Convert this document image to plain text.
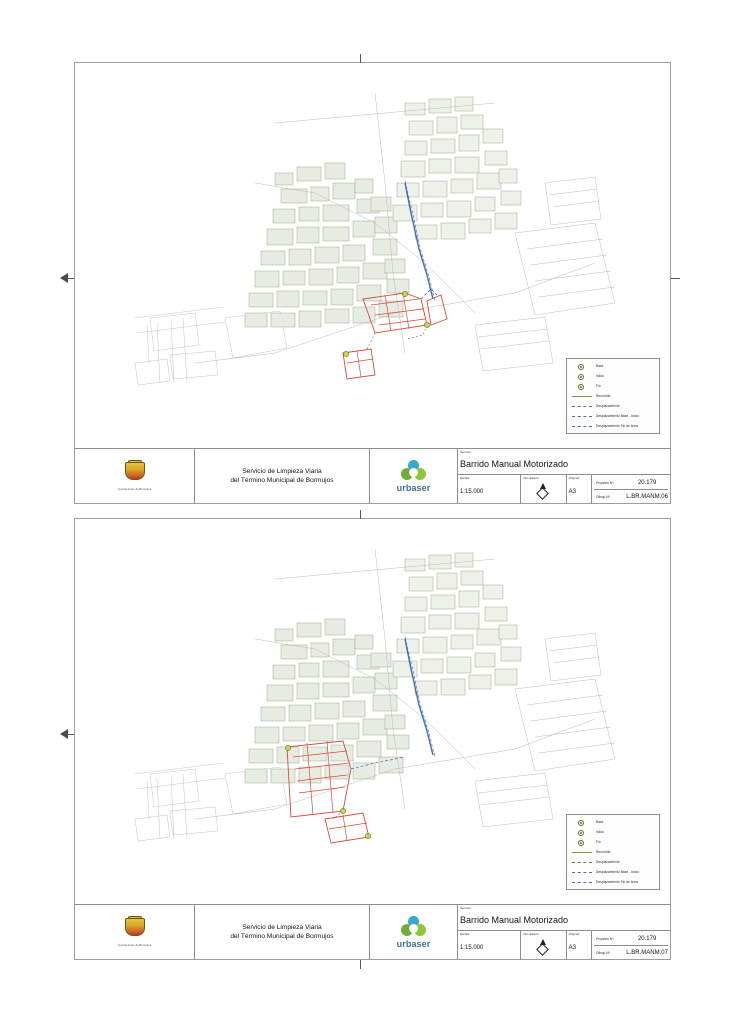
Base
Inicio
Fin
Recorrido
Desplazamiento
Desplazamiento Base - Inicio
Desplazamiento Fin de linea
Ayuntamiento de Bormujos
Servicio de Limpieza Viaria
del Término Municipal de Bormujos
urbaser
Servicio:
Barrido Manual Motorizado
Escala:
1:15.000
Orientación:	Original:
A3
Proyecto Nº:	20.179
Dibujo Nº:	L.BR.MANM.06
Base
Inicio
Fin
Recorrido
Desplazamiento
Desplazamiento Base - Inicio
Desplazamiento Fin de linea
Ayuntamiento de Bormujos
Servicio de Limpieza Viaria
del Término Municipal de Bormujos
urbaser
Servicio:
Barrido Manual Motorizado
Escala:
1:15.000
Orientación:	Original:
A3
Proyecto Nº:	20.179
Dibujo Nº:	L.BR.MANM.07
